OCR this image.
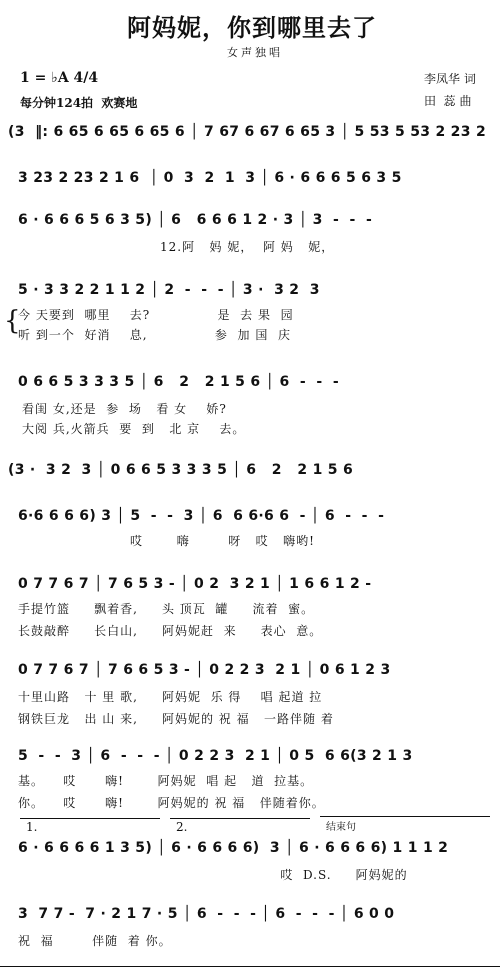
阿妈妮，你到哪里去了
女声独唱
1 = ♭A 4/4
每分钟124拍  欢赛地
李凤华 词
田  蕊 曲
(3  ‖: 6 65 6 65 6 65 6 │ 7 67 6 67 6 65 3 │ 5 53 5 53 2 23 2
3 23 2 23 2 1 6  │ 0  3  2  1  3 │ 6 · 6 6 6 5 6 3 5
6 · 6 6 6 5 6 3 5) │ 6   6 6 6 1 2 · 3 │ 3  -  -  -
12.阿   妈 妮，  阿 妈   妮，
5 · 3 3 2 2 1 1 2 │ 2  -  -  - │ 3 ·  3 2  3
{
今 天要到  哪里    去?              是  去 果  园
听 到一个  好消    息,              参  加 国  庆
0 6 6 5 3 3 3 5 │ 6   2   2 1 5 6 │ 6  -  -  -
看闺 女,还是  参  场   看 女    娇?
大阅 兵,火箭兵  要  到   北 京    去。
(3 ·  3 2  3 │ 0 6 6 5 3 3 3 5 │ 6   2   2 1 5 6
6·6 6 6 6) 3 │ 5  -  -  3 │ 6  6 6·6 6  - │ 6  -  -  -
哎       嗨        呀   哎   嗨哟!
0 7 7 6 7 │ 7 6 5 3 - │ 0 2  3 2 1 │ 1 6 6 1 2 -
手提竹篮     飘着香,     头 顶瓦  罐     流着  蜜。
长鼓敲醉     长白山,     阿妈妮赶  来     表心  意。
0 7 7 6 7 │ 7 6 6 5 3 - │ 0 2 2 3  2 1 │ 0 6 1 2 3
十里山路   十 里 歌,     阿妈妮  乐 得    唱 起道 拉
钢铁巨龙   出 山 来,     阿妈妮的 祝 福   一路伴随 着
5  -  -  3 │ 6  -  -  - │ 0 2 2 3  2 1 │ 0 5  6 6(3 2 1 3
基。    哎      嗨!       阿妈妮  唱 起   道  拉基。
你。    哎      嗨!       阿妈妮的 祝 福   伴随着你。
1.	2.	结束句
6 · 6 6 6 6 1 3 5) │ 6 · 6 6 6 6)  3 │ 6 · 6 6 6 6) 1 1 1 2
哎  D.S.     阿妈妮的
3  7 7 -  7 · 2 1 7 · 5 │ 6  -  -  - │ 6  -  -  - │ 6 0 0
祝  福        伴随  着 你。
